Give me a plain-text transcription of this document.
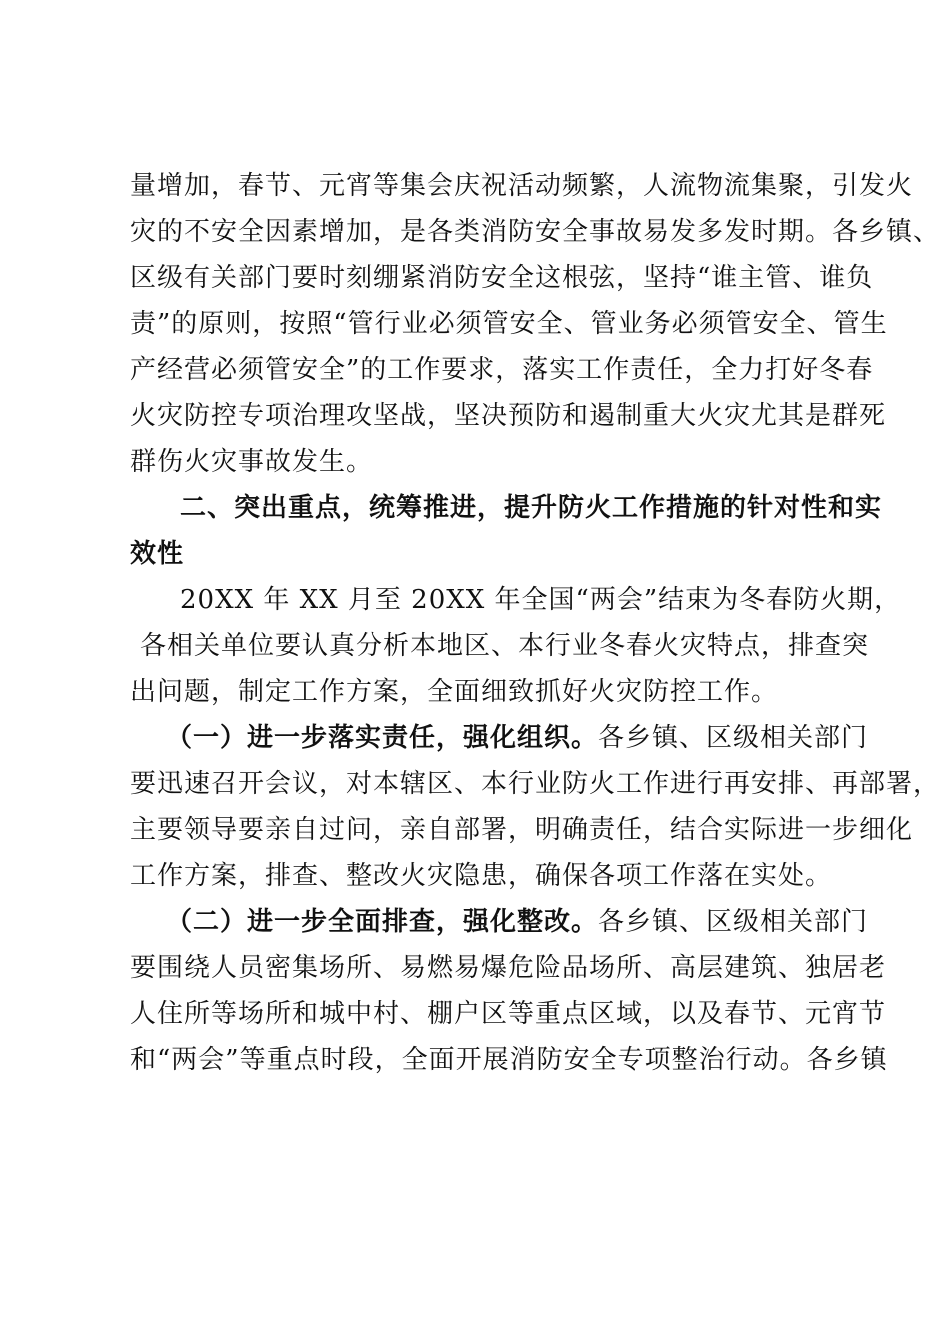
量增加，春节、元宵等集会庆祝活动频繁，人流物流集聚，引发火
灾的不安全因素增加，是各类消防安全事故易发多发时期。各乡镇、
区级有关部门要时刻绷紧消防安全这根弦，坚持“谁主管、谁负
责”的原则，按照“管行业必须管安全、管业务必须管安全、管生
产经营必须管安全”的工作要求，落实工作责任，全力打好冬春
火灾防控专项治理攻坚战，坚决预防和遏制重大火灾尤其是群死
群伤火灾事故发生。
二、突出重点，统筹推进，提升防火工作措施的针对性和实
效性
20XX 年 XX 月至 20XX 年全国“两会”结束为冬春防火期，
各相关单位要认真分析本地区、本行业冬春火灾特点，排查突
出问题，制定工作方案，全面细致抓好火灾防控工作。
（一）进一步落实责任，强化组织。各乡镇、区级相关部门
要迅速召开会议，对本辖区、本行业防火工作进行再安排、再部署，
主要领导要亲自过问，亲自部署，明确责任，结合实际进一步细化
工作方案，排查、整改火灾隐患，确保各项工作落在实处。
（二）进一步全面排查，强化整改。各乡镇、区级相关部门
要围绕人员密集场所、易燃易爆危险品场所、高层建筑、独居老
人住所等场所和城中村、棚户区等重点区域，以及春节、元宵节
和“两会”等重点时段，全面开展消防安全专项整治行动。各乡镇
